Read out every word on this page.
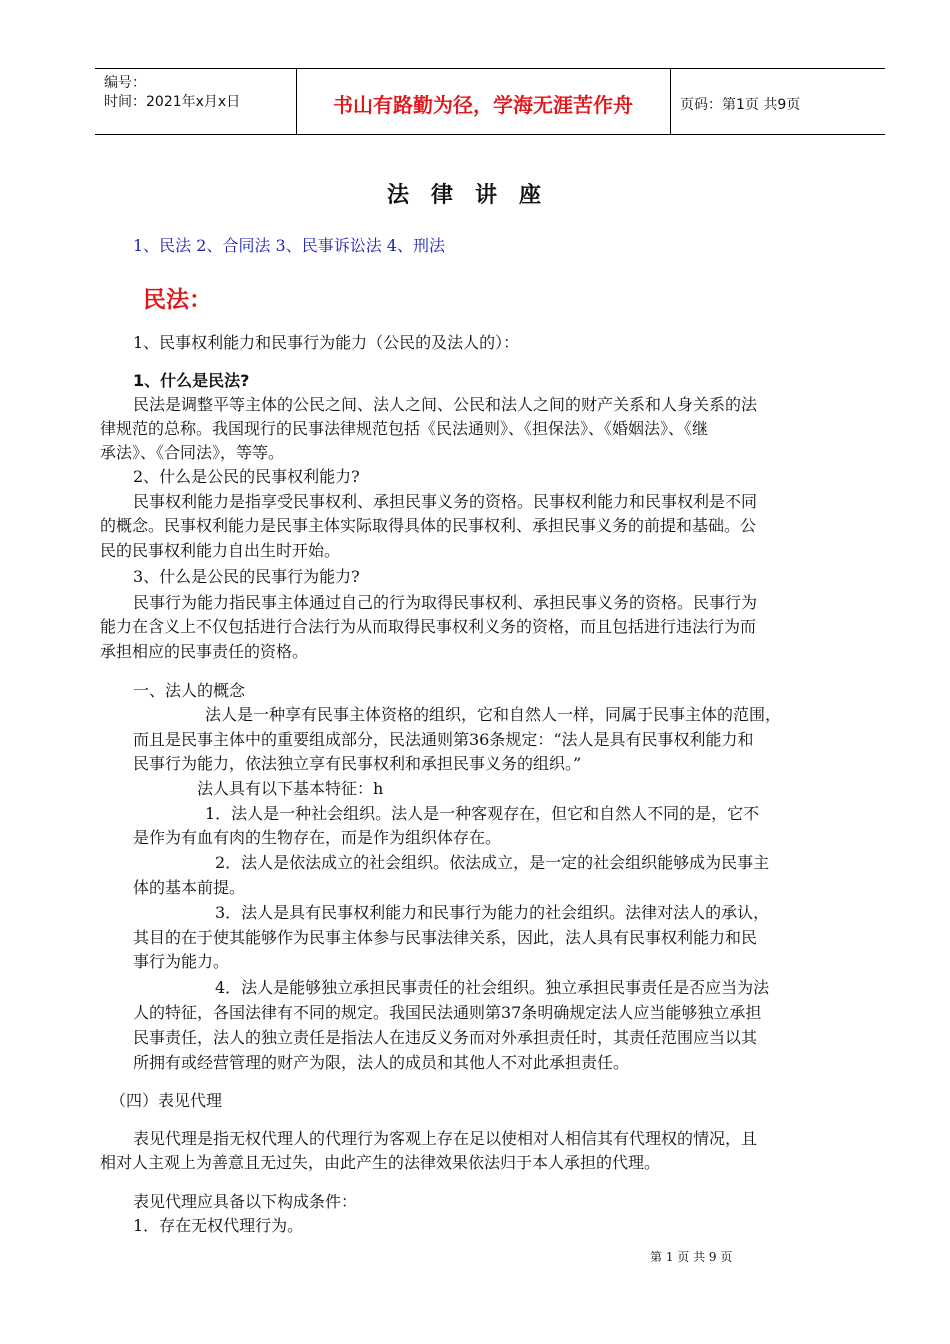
编号：
时间：2021年x月x日	书山有路勤为径，学海无涯苦作舟	页码：第1页 共9页
法律讲座
1、民法 2、合同法 3、民事诉讼法 4、刑法
民法：
1、民事权利能力和民事行为能力（公民的及法人的）：
1、什么是民法?
民法是调整平等主体的公民之间、法人之间、公民和法人之间的财产关系和人身关系的法
律规范的总称。我国现行的民事法律规范包括《民法通则》、《担保法》、《婚姻法》、《继
承法》、《合同法》，等等。
2、什么是公民的民事权利能力?
民事权利能力是指享受民事权利、承担民事义务的资格。民事权利能力和民事权利是不同
的概念。民事权利能力是民事主体实际取得具体的民事权利、承担民事义务的前提和基础。公
民的民事权利能力自出生时开始。
3、什么是公民的民事行为能力?
民事行为能力指民事主体通过自己的行为取得民事权利、承担民事义务的资格。民事行为
能力在含义上不仅包括进行合法行为从而取得民事权利义务的资格，而且包括进行违法行为而
承担相应的民事责任的资格。
一、法人的概念
法人是一种享有民事主体资格的组织，它和自然人一样，同属于民事主体的范围，
而且是民事主体中的重要组成部分，民法通则第36条规定：“法人是具有民事权利能力和
民事行为能力，依法独立享有民事权利和承担民事义务的组织。”
法人具有以下基本特征：h
1．法人是一种社会组织。法人是一种客观存在，但它和自然人不同的是，它不
是作为有血有肉的生物存在，而是作为组织体存在。
2．法人是依法成立的社会组织。依法成立，是一定的社会组织能够成为民事主
体的基本前提。
3．法人是具有民事权利能力和民事行为能力的社会组织。法律对法人的承认，
其目的在于使其能够作为民事主体参与民事法律关系，因此，法人具有民事权利能力和民
事行为能力。
4．法人是能够独立承担民事责任的社会组织。独立承担民事责任是否应当为法
人的特征，各国法律有不同的规定。我国民法通则第37条明确规定法人应当能够独立承担
民事责任，法人的独立责任是指法人在违反义务而对外承担责任时，其责任范围应当以其
所拥有或经营管理的财产为限，法人的成员和其他人不对此承担责任。
（四）表见代理
表见代理是指无权代理人的代理行为客观上存在足以使相对人相信其有代理权的情况，且
相对人主观上为善意且无过失，由此产生的法律效果依法归于本人承担的代理。
表见代理应具备以下构成条件：
1．存在无权代理行为。
第 1 页 共 9 页
